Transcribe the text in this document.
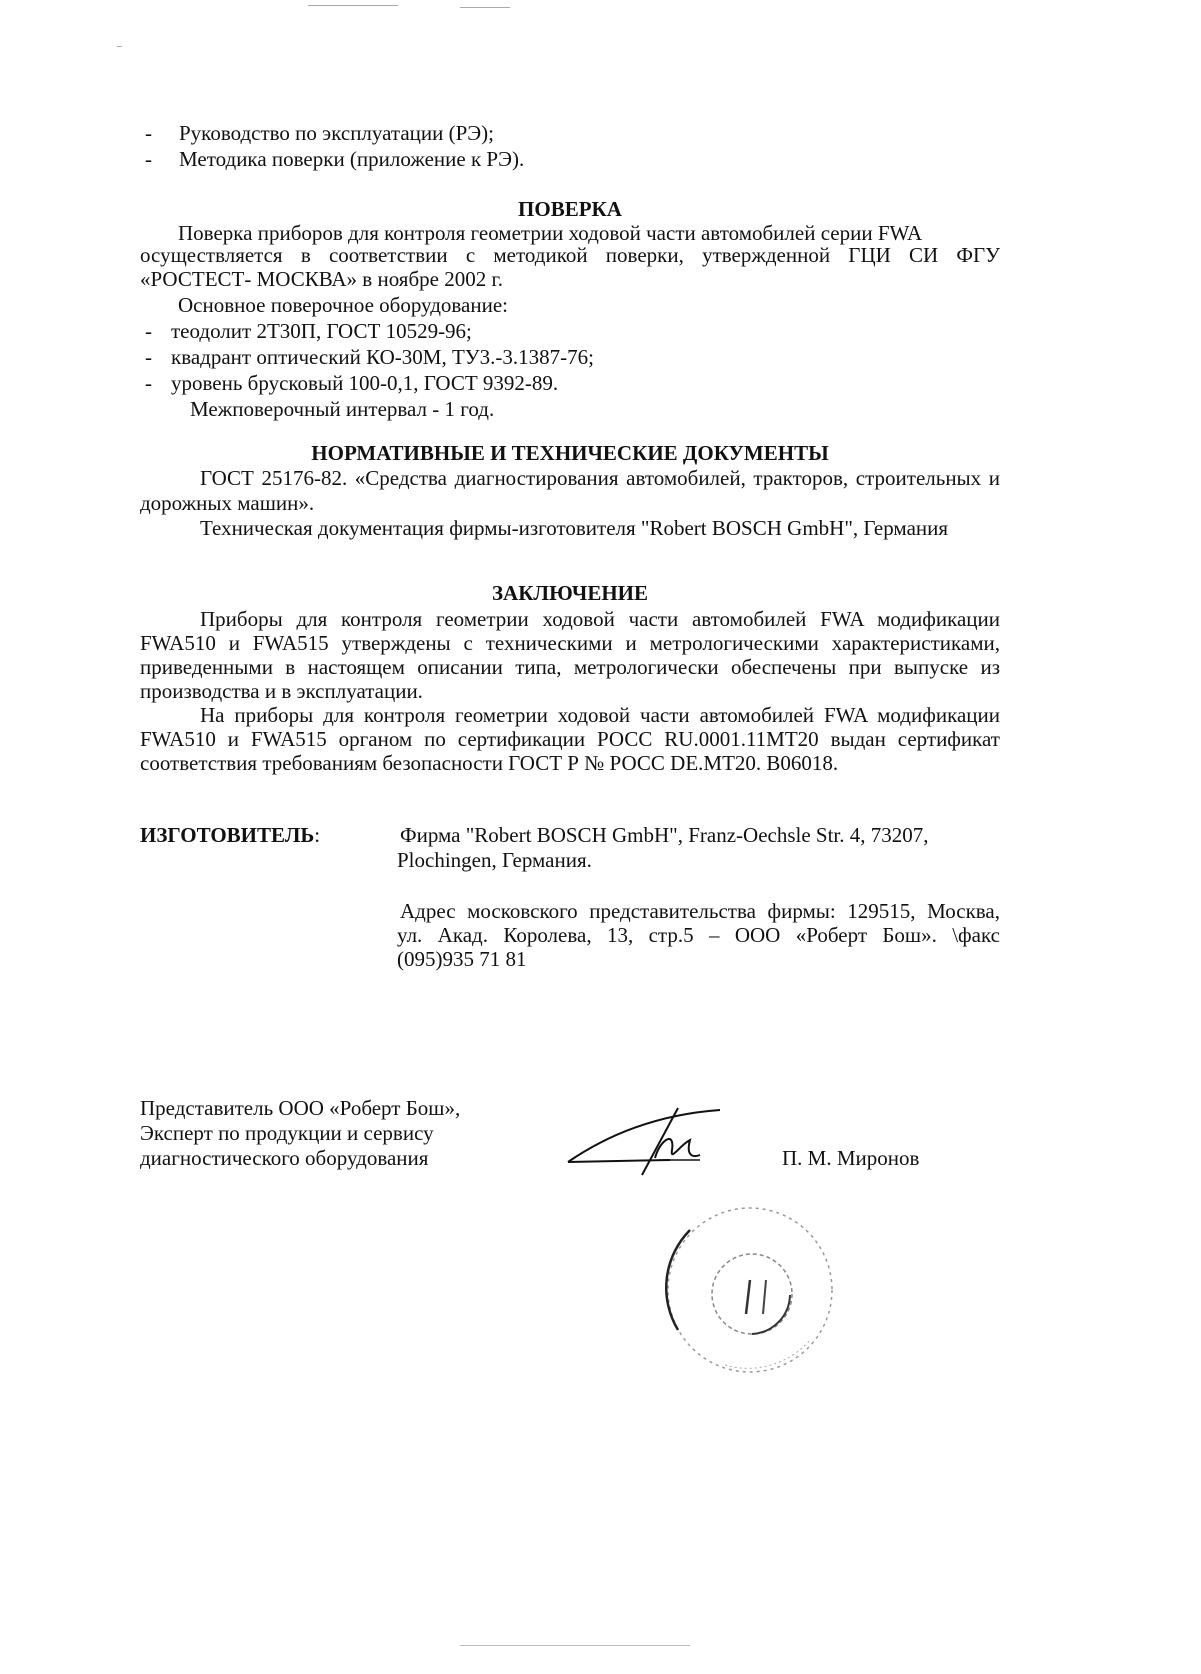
- Руководство по эксплуатации (РЭ);
- Методика поверки (приложение к РЭ).
ПОВЕРКА
Поверка приборов для контроля геометрии ходовой части автомобилей серии FWA
осуществляется в соответствии с методикой поверки, утвержденной ГЦИ СИ ФГУ
«РОСТЕСТ- МОСКВА» в ноябре 2002 г.
Основное поверочное оборудование:
- теодолит 2Т30П, ГОСТ 10529-96;
- квадрант оптический КО-30М, ТУ3.-3.1387-76;
- уровень брусковый 100-0,1, ГОСТ 9392-89.
Межповерочный интервал - 1 год.
НОРМАТИВНЫЕ И ТЕХНИЧЕСКИЕ ДОКУМЕНТЫ
ГОСТ 25176-82. «Средства диагностирования автомобилей, тракторов, строительных и
дорожных машин».
Техническая документация фирмы-изготовителя "Robert BOSCH GmbH", Германия
ЗАКЛЮЧЕНИЕ
Приборы для контроля геометрии ходовой части автомобилей FWA модификации
FWA510 и FWA515 утверждены с техническими и метрологическими характеристиками,
приведенными в настоящем описании типа, метрологически обеспечены при выпуске из
производства и в эксплуатации.
На приборы для контроля геометрии ходовой части автомобилей FWA модификации
FWA510 и FWA515 органом по сертификации РОСС RU.0001.11МТ20 выдан сертификат
соответствия требованиям безопасности ГОСТ Р № РОСС DE.МТ20. В06018.
ИЗГОТОВИТЕЛЬ:	Фирма "Robert BOSCH GmbH", Franz-Oechsle Str. 4, 73207,
Plochingen, Германия.
Адрес московского представительства фирмы: 129515, Москва,
ул. Акад. Королева, 13, стр.5 – ООО «Роберт Бош». \факс
(095)935 71 81
Представитель ООО «Роберт Бош»,
Эксперт по продукции и сервису
диагностического оборудования	П. М. Миронов
